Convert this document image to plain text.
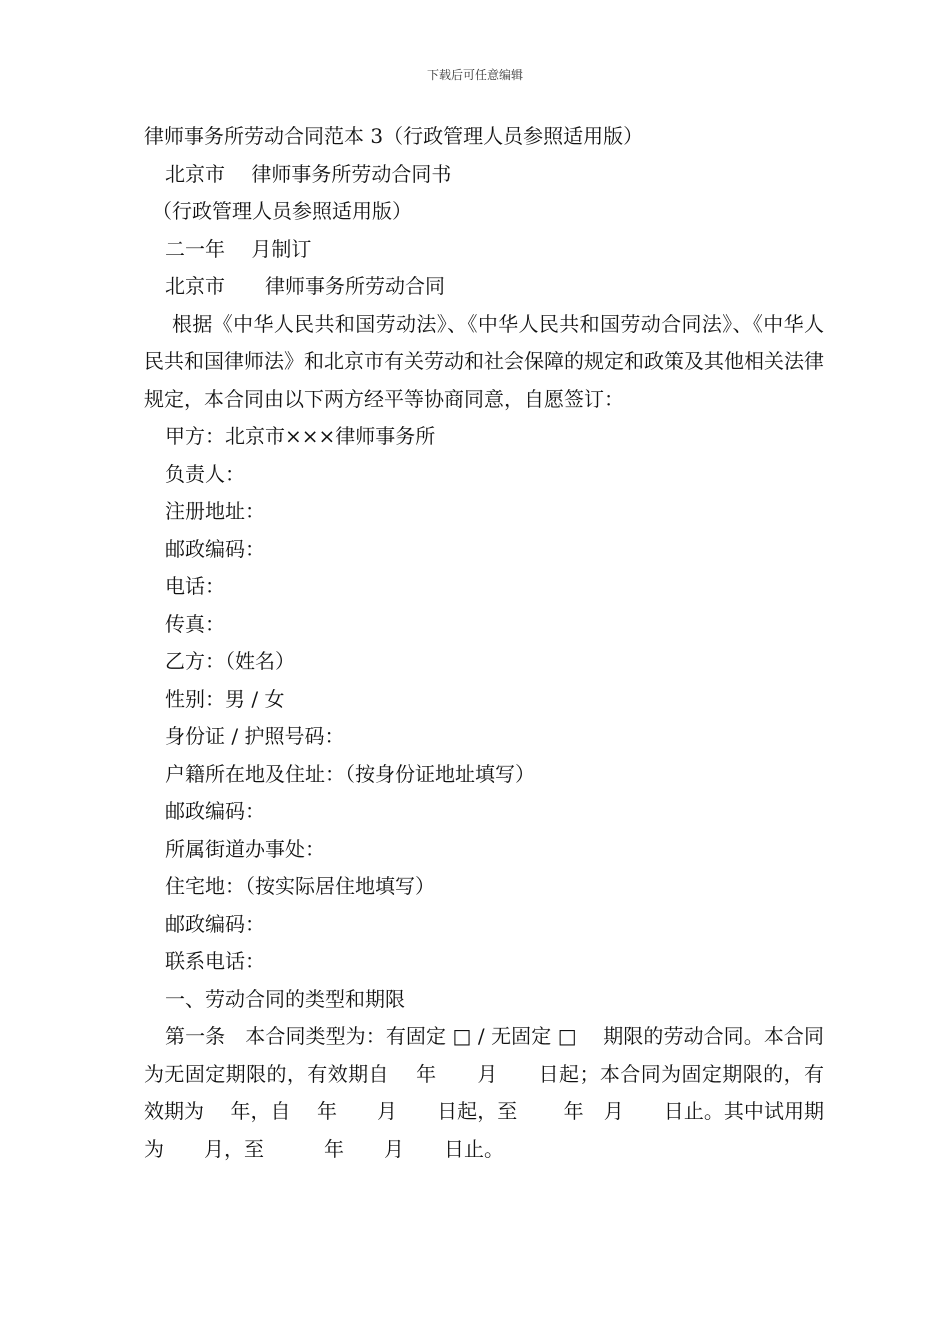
下载后可任意编辑
律师事务所劳动合同范本 3（行政管理人员参照适用版）
北京市　 律师事务所劳动合同书
（行政管理人员参照适用版）
二一年　 月制订
北京市　　律师事务所劳动合同
根据《中华人民共和国劳动法》、《中华人民共和国劳动合同法》、《中华人民共和国律师法》和北京市有关劳动和社会保障的规定和政策及其他相关法律规定，本合同由以下两方经平等协商同意，自愿签订：
甲方：北京市×××律师事务所
负责人：
注册地址：
邮政编码：
电话：
传真：
乙方：（姓名）
性别：男 / 女
身份证 / 护照号码：
户籍所在地及住址：（按身份证地址填写）
邮政编码：
所属街道办事处：
住宅地：（按实际居住地填写）
邮政编码：
联系电话：
一、劳动合同的类型和期限
第一条　本合同类型为：有固定 □ / 无固定 □　 期限的劳动合同。本合同为无固定期限的，有效期自　 年　　月　　日起；本合同为固定期限的，有效期为　 年，自　 年　　月　　日起，至　　 年　月　　日止。其中试用期为　　月，至　　　年　　月　　日止。
